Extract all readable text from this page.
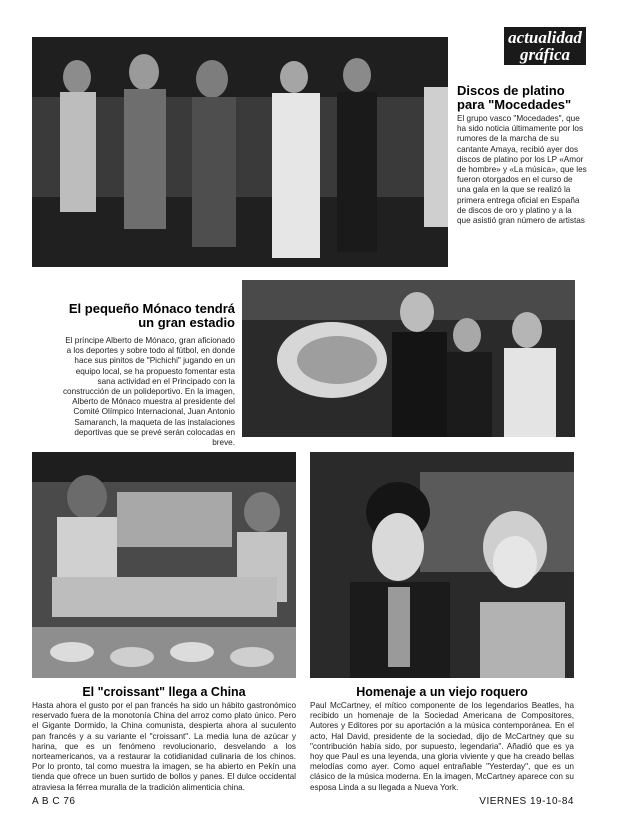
actualidad
gráfica
Discos de platino
para "Mocedades"
El grupo vasco "Mocedades", que ha sido noticia últimamente por los rumores de la marcha de su cantante Amaya, recibió ayer dos discos de platino por los LP «Amor de hombre» y «La música», que les fueron otorgados en el curso de una gala en la que se realizó la primera entrega oficial en España de discos de oro y platino y a la que asistió gran número de artistas
El pequeño Mónaco tendrá
un gran estadio
El príncipe Alberto de Mónaco, gran aficionado a los deportes y sobre todo al fútbol, en donde hace sus pinitos de "Pichichi" jugando en un equipo local, se ha propuesto fomentar esta sana actividad en el Principado con la construcción de un polideportivo. En la imagen, Alberto de Mónaco muestra al presidente del Comité Olímpico Internacional, Juan Antonio Samaranch, la maqueta de las instalaciones deportivas que se prevé serán colocadas en breve.
El "croissant" llega a China
Hasta ahora el gusto por el pan francés ha sido un hábito gastronómico reservado fuera de la monotonía China del arroz como plato único. Pero el Gigante Dormido, la China comunista, despierta ahora al suculento pan francés y a su variante el "croissant". La media luna de azúcar y harina, que es un fenómeno revolucionario, desvelando a los norteamericanos, va a restaurar la cotidianidad culinaria de los chinos. Por lo pronto, tal como muestra la imagen, se ha abierto en Pekín una tienda que ofrece un buen surtido de bollos y panes. El dulce occidental atraviesa la férrea muralla de la tradición alimenticia china.
Homenaje a un viejo roquero
Paul McCartney, el mítico componente de los legendarios Beatles, ha recibido un homenaje de la Sociedad Americana de Compositores, Autores y Editores por su aportación a la música contemporánea. En el acto, Hal David, presidente de la sociedad, dijo de McCartney que su "contribución había sido, por supuesto, legendaria". Añadió que es ya hoy que Paul es una leyenda, una gloria viviente y que ha creado bellas melodías como ayer. Como aquel entrañable "Yesterday", que es un clásico de la música moderna. En la imagen, McCartney aparece con su esposa Linda a su llegada a Nueva York.
A B C 76	VIERNES 19-10-84
